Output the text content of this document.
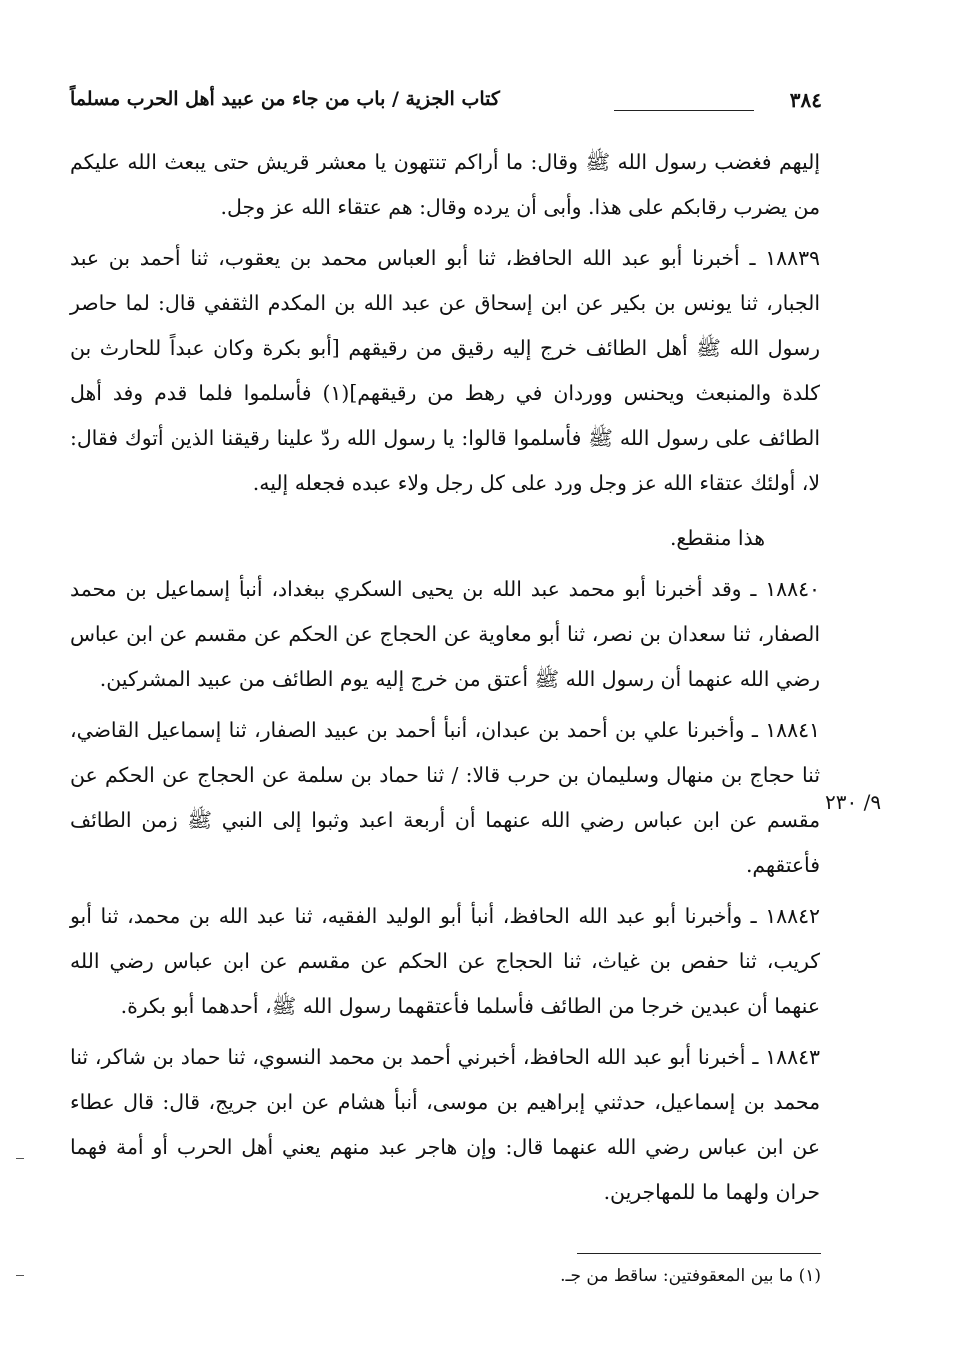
٣٨٤
كتاب الجزية / باب من جاء من عبيد أهل الحرب مسلماً

إليهم فغضب رسول الله ﷺ وقال: ما أراكم تنتهون يا معشر قريش حتى يبعث الله عليكم من يضرب رقابكم على هذا. وأبى أن يرده وقال: هم عتقاء الله عز وجل.

١٨٨٣٩ ـ أخبرنا أبو عبد الله الحافظ، ثنا أبو العباس محمد بن يعقوب، ثنا أحمد بن عبد الجبار، ثنا يونس بن بكير عن ابن إسحاق عن عبد الله بن المكدم الثقفي قال: لما حاصر رسول الله ﷺ أهل الطائف خرج إليه رقيق من رقيقهم [أبو بكرة وكان عبداً للحارث بن كلدة والمنبعث ويحنس ووردان في رهط من رقيقهم](١) فأسلموا فلما قدم وفد أهل الطائف على رسول الله ﷺ فأسلموا قالوا: يا رسول الله ردّ علينا رقيقنا الذين أتوك فقال: لا، أولئك عتقاء الله عز وجل ورد على كل رجل ولاء عبده فجعله إليه.

هذا منقطع.

١٨٨٤٠ ـ وقد أخبرنا أبو محمد عبد الله بن يحيى السكري ببغداد، أنبأ إسماعيل بن محمد الصفار، ثنا سعدان بن نصر، ثنا أبو معاوية عن الحجاج عن الحكم عن مقسم عن ابن عباس رضي الله عنهما أن رسول الله ﷺ أعتق من خرج إليه يوم الطائف من عبيد المشركين.

١٨٨٤١ ـ وأخبرنا علي بن أحمد بن عبدان، أنبأ أحمد بن عبيد الصفار، ثنا إسماعيل القاضي، ثنا حجاج بن منهال وسليمان بن حرب قالا: / ثنا حماد بن سلمة عن الحجاج عن الحكم عن مقسم عن ابن عباس رضي الله عنهما أن أربعة اعبد وثبوا إلى النبي ﷺ زمن الطائف فأعتقهم.

١٨٨٤٢ ـ وأخبرنا أبو عبد الله الحافظ، أنبأ أبو الوليد الفقيه، ثنا عبد الله بن محمد، ثنا أبو كريب، ثنا حفص بن غياث، ثنا الحجاج عن الحكم عن مقسم عن ابن عباس رضي الله عنهما أن عبدين خرجا من الطائف فأسلما فأعتقهما رسول الله ﷺ، أحدهما أبو بكرة.

١٨٨٤٣ ـ أخبرنا أبو عبد الله الحافظ، أخبرني أحمد بن محمد النسوي، ثنا حماد بن شاكر، ثنا محمد بن إسماعيل، حدثني إبراهيم بن موسى، أنبأ هشام عن ابن جريج، قال: قال عطاء عن ابن عباس رضي الله عنهما قال: وإن هاجر عبد منهم يعني أهل الحرب أو أمة فهما حران ولهما ما للمهاجرين.

٩/ ٢٣٠
(١) ما بين المعقوفتين: ساقط من جـ.
